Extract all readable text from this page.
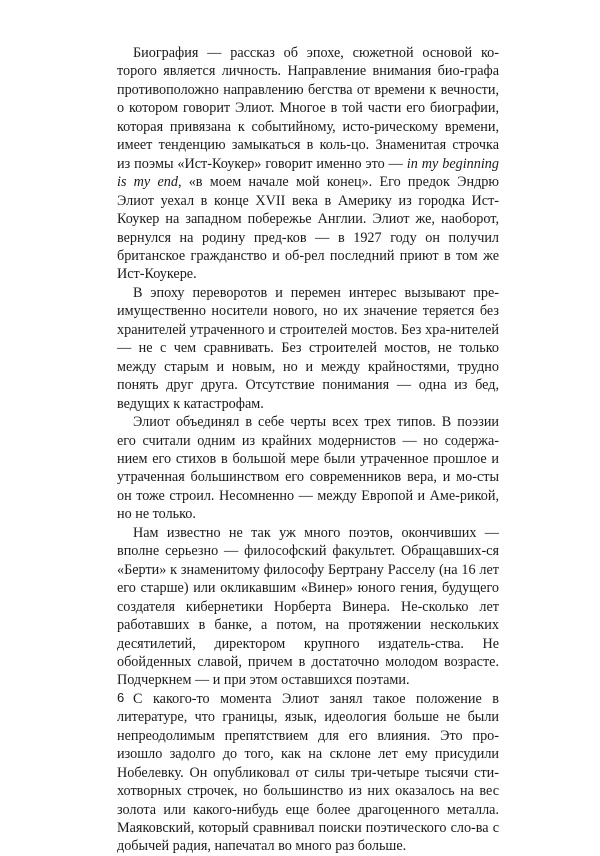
Биография — рассказ об эпохе, сюжетной основой ко-торого является личность. Направление внимания био-графа противоположно направлению бегства от времени к вечности, о котором говорит Элиот. Многое в той части его биографии, которая привязана к событийному, исто-рическому времени, имеет тенденцию замыкаться в коль-цо. Знаменитая строчка из поэмы «Ист-Коукер» говорит именно это — in my beginning is my end, «в моем начале мой конец». Его предок Эндрю Элиот уехал в конце XVII века в Америку из городка Ист-Коукер на западном побережье Англии. Элиот же, наоборот, вернулся на родину пред-ков — в 1927 году он получил британское гражданство и об-рел последний приют в том же Ист-Коукере.

В эпоху переворотов и перемен интерес вызывают пре-имущественно носители нового, но их значение теряется без хранителей утраченного и строителей мостов. Без хра-нителей — не с чем сравнивать. Без строителей мостов, не только между старым и новым, но и между крайностями, трудно понять друг друга. Отсутствие понимания — одна из бед, ведущих к катастрофам.

Элиот объединял в себе черты всех трех типов. В поэзии его считали одним из крайних модернистов — но содержа-нием его стихов в большой мере были утраченное прошлое и утраченная большинством его современников вера, и мо-сты он тоже строил. Несомненно — между Европой и Аме-рикой, но не только.

Нам известно не так уж много поэтов, окончивших — вполне серьезно — философский факультет. Обращавших-ся «Берти» к знаменитому философу Бертрану Расселу (на 16 лет его старше) или окликавшим «Винер» юного гения, будущего создателя кибернетики Норберта Винера. Не-сколько лет работавших в банке, а потом, на протяжении нескольких десятилетий, директором крупного издатель-ства. Не обойденных славой, причем в достаточно молодом возрасте. Подчеркнем — и при этом оставшихся поэтами.

С какого-то момента Элиот занял такое положение в литературе, что границы, язык, идеология больше не были непреодолимым препятствием для его влияния. Это про-изошло задолго до того, как на склоне лет ему присудили Нобелевку. Он опубликовал от силы три-четыре тысячи сти-хотворных строчек, но большинство из них оказалось на вес золота или какого-нибудь еще более драгоценного металла. Маяковский, который сравнивал поиски поэтического сло-ва с добычей радия, напечатал во много раз больше.

6
